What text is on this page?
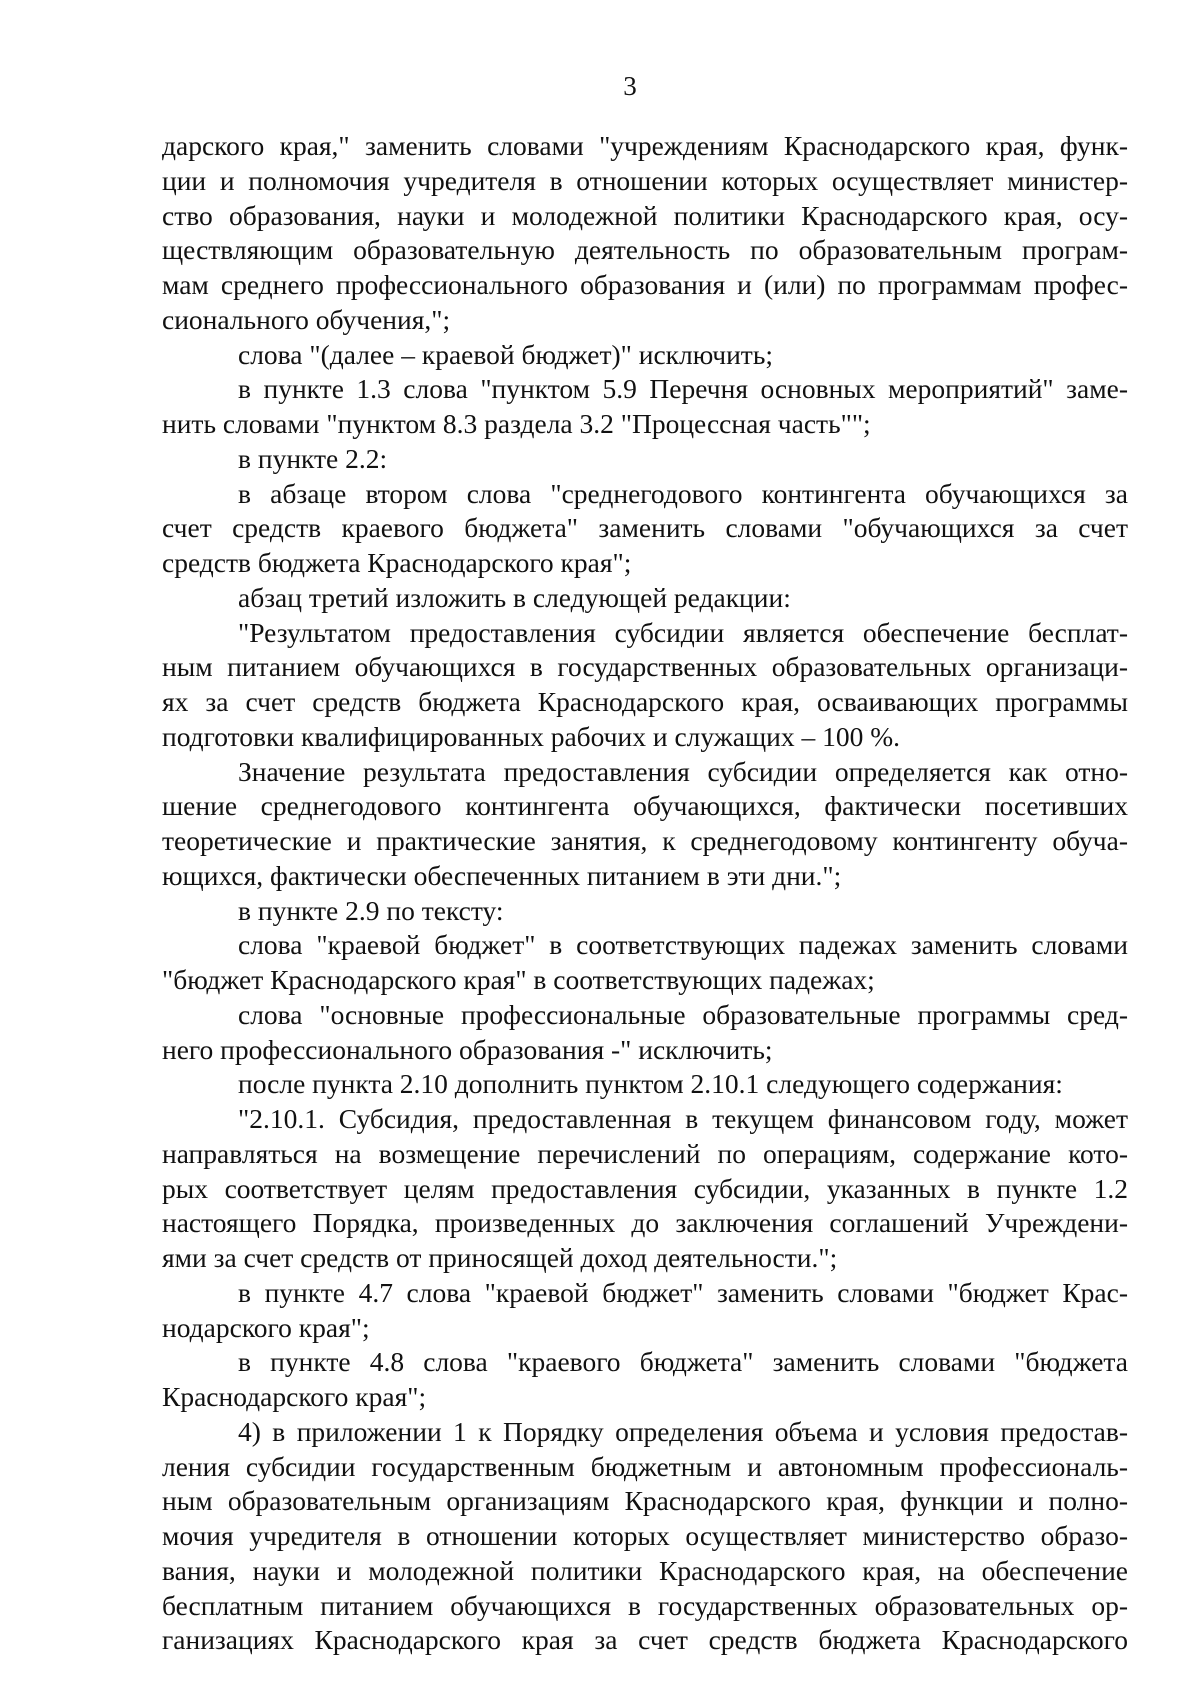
3
дарского края," заменить словами "учреждениям Краснодарского края, функ-
ции и полномочия учредителя в отношении которых осуществляет министер-
ство образования, науки и молодежной политики Краснодарского края, осу-
ществляющим образовательную деятельность по образовательным програм-
мам среднего профессионального образования и (или) по программам профес-
сионального обучения,";
слова "(далее – краевой бюджет)" исключить;
в пункте 1.3 слова "пунктом 5.9 Перечня основных мероприятий" заме-
нить словами "пунктом 8.3 раздела 3.2 "Процессная часть"";
в пункте 2.2:
в абзаце втором слова "среднегодового контингента обучающихся за
счет средств краевого бюджета" заменить словами "обучающихся за счет
средств бюджета Краснодарского края";
абзац третий изложить в следующей редакции:
"Результатом предоставления субсидии является обеспечение бесплат-
ным питанием обучающихся в государственных образовательных организаци-
ях за счет средств бюджета Краснодарского края, осваивающих программы
подготовки квалифицированных рабочих и служащих – 100 %.
Значение результата предоставления субсидии определяется как отно-
шение среднегодового контингента обучающихся, фактически посетивших
теоретические и практические занятия, к среднегодовому контингенту обуча-
ющихся, фактически обеспеченных питанием в эти дни.";
в пункте 2.9 по тексту:
слова "краевой бюджет" в соответствующих падежах заменить словами
"бюджет Краснодарского края" в соответствующих падежах;
слова "основные профессиональные образовательные программы сред-
него профессионального образования -" исключить;
после пункта 2.10 дополнить пунктом 2.10.1 следующего содержания:
"2.10.1. Субсидия, предоставленная в текущем финансовом году, может
направляться на возмещение перечислений по операциям, содержание кото-
рых соответствует целям предоставления субсидии, указанных в пункте 1.2
настоящего Порядка, произведенных до заключения соглашений Учреждени-
ями за счет средств от приносящей доход деятельности.";
в пункте 4.7 слова "краевой бюджет" заменить словами "бюджет Крас-
нодарского края";
в пункте 4.8 слова "краевого бюджета" заменить словами "бюджета
Краснодарского края";
4) в приложении 1 к Порядку определения объема и условия предостав-
ления субсидии государственным бюджетным и автономным профессиональ-
ным образовательным организациям Краснодарского края, функции и полно-
мочия учредителя в отношении которых осуществляет министерство образо-
вания, науки и молодежной политики Краснодарского края, на обеспечение
бесплатным питанием обучающихся в государственных образовательных ор-
ганизациях Краснодарского края за счет средств бюджета Краснодарского
